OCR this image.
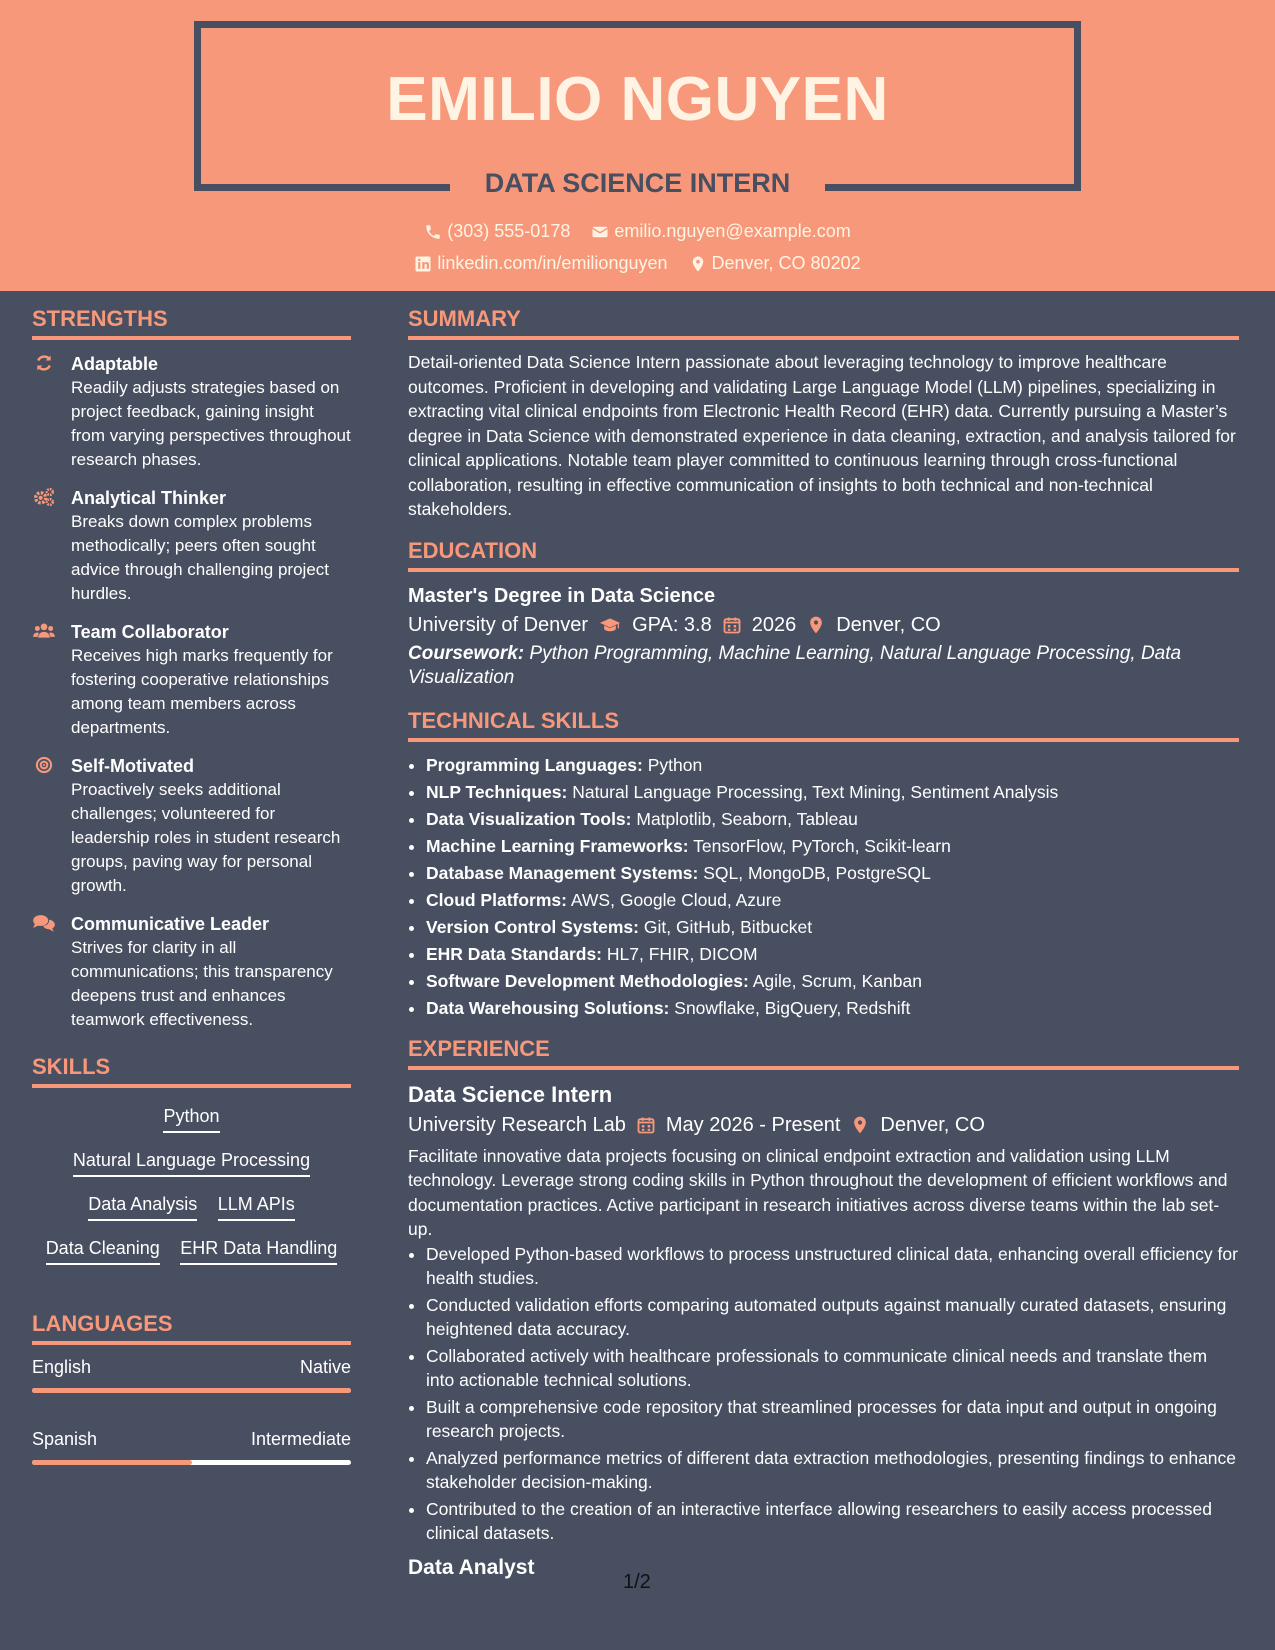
EMILIO NGUYEN
DATA SCIENCE INTERN
(303) 555-0178
emilio.nguyen@example.com
linkedin.com/in/emilionguyen
Denver, CO 80202
STRENGTHS
Adaptable
Readily adjusts strategies based on project feedback, gaining insight from varying perspectives throughout research phases.
Analytical Thinker
Breaks down complex problems methodically; peers often sought advice through challenging project hurdles.
Team Collaborator
Receives high marks frequently for fostering cooperative relationships among team members across departments.
Self-Motivated
Proactively seeks additional challenges; volunteered for leadership roles in student research groups, paving way for personal growth.
Communicative Leader
Strives for clarity in all communications; this transparency deepens trust and enhances teamwork effectiveness.
SKILLS
Python
Natural Language Processing
Data Analysis LLM APIs
Data Cleaning EHR Data Handling
LANGUAGES
English	Native
Spanish	Intermediate
SUMMARY
Detail-oriented Data Science Intern passionate about leveraging technology to improve healthcare outcomes. Proficient in developing and validating Large Language Model (LLM) pipelines, specializing in extracting vital clinical endpoints from Electronic Health Record (EHR) data. Currently pursuing a Master’s degree in Data Science with demonstrated experience in data cleaning, extraction, and analysis tailored for clinical applications. Notable team player committed to continuous learning through cross-functional collaboration, resulting in effective communication of insights to both technical and non-technical stakeholders.
EDUCATION
Master's Degree in Data Science
University of Denver GPA: 3.8 2026 Denver, CO
Coursework: Python Programming, Machine Learning, Natural Language Processing, Data Visualization
TECHNICAL SKILLS
• Programming Languages: Python
• NLP Techniques: Natural Language Processing, Text Mining, Sentiment Analysis
• Data Visualization Tools: Matplotlib, Seaborn, Tableau
• Machine Learning Frameworks: TensorFlow, PyTorch, Scikit-learn
• Database Management Systems: SQL, MongoDB, PostgreSQL
• Cloud Platforms: AWS, Google Cloud, Azure
• Version Control Systems: Git, GitHub, Bitbucket
• EHR Data Standards: HL7, FHIR, DICOM
• Software Development Methodologies: Agile, Scrum, Kanban
• Data Warehousing Solutions: Snowflake, BigQuery, Redshift
EXPERIENCE
Data Science Intern
University Research Lab May 2026 - Present Denver, CO
Facilitate innovative data projects focusing on clinical endpoint extraction and validation using LLM technology. Leverage strong coding skills in Python throughout the development of efficient workflows and documentation practices. Active participant in research initiatives across diverse teams within the lab set-up.
• Developed Python-based workflows to process unstructured clinical data, enhancing overall efficiency for health studies.
• Conducted validation efforts comparing automated outputs against manually curated datasets, ensuring heightened data accuracy.
• Collaborated actively with healthcare professionals to communicate clinical needs and translate them into actionable technical solutions.
• Built a comprehensive code repository that streamlined processes for data input and output in ongoing research projects.
• Analyzed performance metrics of different data extraction methodologies, presenting findings to enhance stakeholder decision-making.
• Contributed to the creation of an interactive interface allowing researchers to easily access processed clinical datasets.
Data Analyst
1/2
